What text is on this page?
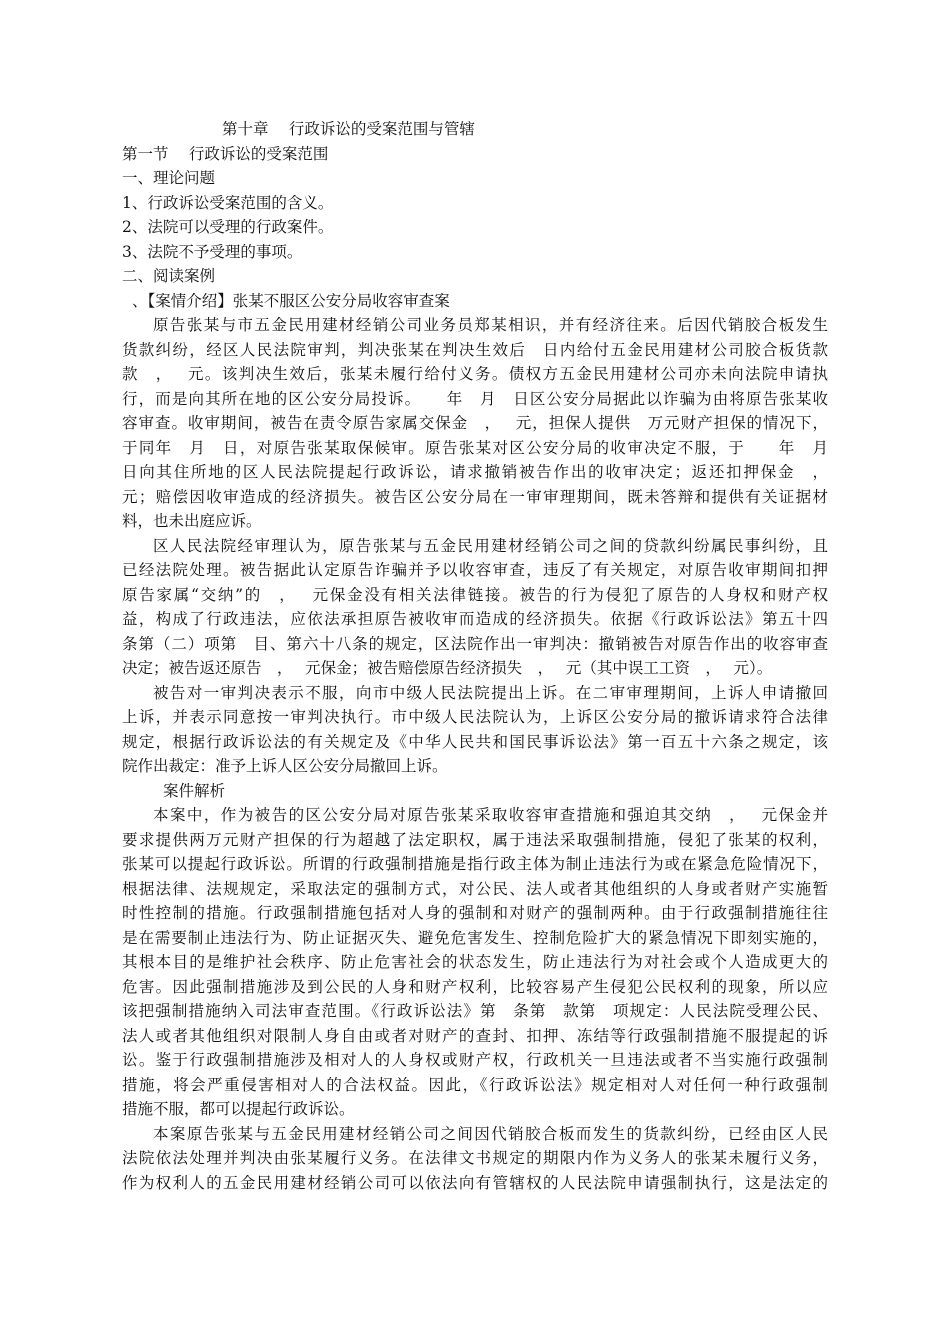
第十章　 行政诉讼的受案范围与管辖

第一节　 行政诉讼的受案范围

一、理论问题

1、行政诉讼受案范围的含义。

2、法院可以受理的行政案件。

3、法院不予受理的事项。

二、阅读案例

、【案情介绍】张某不服区公安分局收容审查案

原告张某与市五金民用建材经销公司业务员郑某相识，并有经济往来。后因代销胶合板发生

货款纠纷，经区人民法院审判，判决张某在判决生效后　日内给付五金民用建材公司胶合板货款

款　，　 元。该判决生效后，张某未履行给付义务。债权方五金民用建材公司亦未向法院申请执

行，而是向其所在地的区公安分局投诉。　　年　月　日区公安分局据此以诈骗为由将原告张某收

容审查。收审期间，被告在责令原告家属交保金　，　 元，担保人提供　万元财产担保的情况下，

于同年　月　日，对原告张某取保候审。原告张某对区公安分局的收审决定不服，于　　年　月

日向其住所地的区人民法院提起行政诉讼，请求撤销被告作出的收审决定；返还扣押保金　，

元；赔偿因收审造成的经济损失。被告区公安分局在一审审理期间，既未答辩和提供有关证据材

料，也未出庭应诉。

区人民法院经审理认为，原告张某与五金民用建材经销公司之间的贷款纠纷属民事纠纷，且

已经法院处理。被告据此认定原告诈骗并予以收容审查，违反了有关规定，对原告收审期间扣押

原告家属“交纳”的　，　 元保金没有相关法律链接。被告的行为侵犯了原告的人身权和财产权

益，构成了行政违法，应依法承担原告被收审而造成的经济损失。依据《行政诉讼法》第五十四

条第（二）项第　目、第六十八条的规定，区法院作出一审判决：撤销被告对原告作出的收容审查

决定；被告返还原告　，　 元保金；被告赔偿原告经济损失　，　 元（其中误工工资　，　 元）。

被告对一审判决表示不服，向市中级人民法院提出上诉。在二审审理期间，上诉人申请撤回

上诉，并表示同意按一审判决执行。市中级人民法院认为，上诉区公安分局的撤诉请求符合法律

规定，根据行政诉讼法的有关规定及《中华人民共和国民事诉讼法》第一百五十六条之规定，该

院作出裁定：准予上诉人区公安分局撤回上诉。

案件解析

本案中，作为被告的区公安分局对原告张某采取收容审查措施和强迫其交纳　，　 元保金并

要求提供两万元财产担保的行为超越了法定职权，属于违法采取强制措施，侵犯了张某的权利，

张某可以提起行政诉讼。所谓的行政强制措施是指行政主体为制止违法行为或在紧急危险情况下，

根据法律、法规规定，采取法定的强制方式，对公民、法人或者其他组织的人身或者财产实施暂

时性控制的措施。行政强制措施包括对人身的强制和对财产的强制两种。由于行政强制措施往往

是在需要制止违法行为、防止证据灭失、避免危害发生、控制危险扩大的紧急情况下即刻实施的，

其根本目的是维护社会秩序、防止危害社会的状态发生，防止违法行为对社会或个人造成更大的

危害。因此强制措施涉及到公民的人身和财产权利，比较容易产生侵犯公民权利的现象，所以应

该把强制措施纳入司法审查范围。《行政诉讼法》第　条第　款第　项规定：人民法院受理公民、

法人或者其他组织对限制人身自由或者对财产的查封、扣押、冻结等行政强制措施不服提起的诉

讼。鉴于行政强制措施涉及相对人的人身权或财产权，行政机关一旦违法或者不当实施行政强制

措施，将会严重侵害相对人的合法权益。因此，《行政诉讼法》规定相对人对任何一种行政强制

措施不服，都可以提起行政诉讼。

本案原告张某与五金民用建材经销公司之间因代销胶合板而发生的货款纠纷，已经由区人民

法院依法处理并判决由张某履行义务。在法律文书规定的期限内作为义务人的张某未履行义务，

作为权利人的五金民用建材经销公司可以依法向有管辖权的人民法院申请强制执行，这是法定的
